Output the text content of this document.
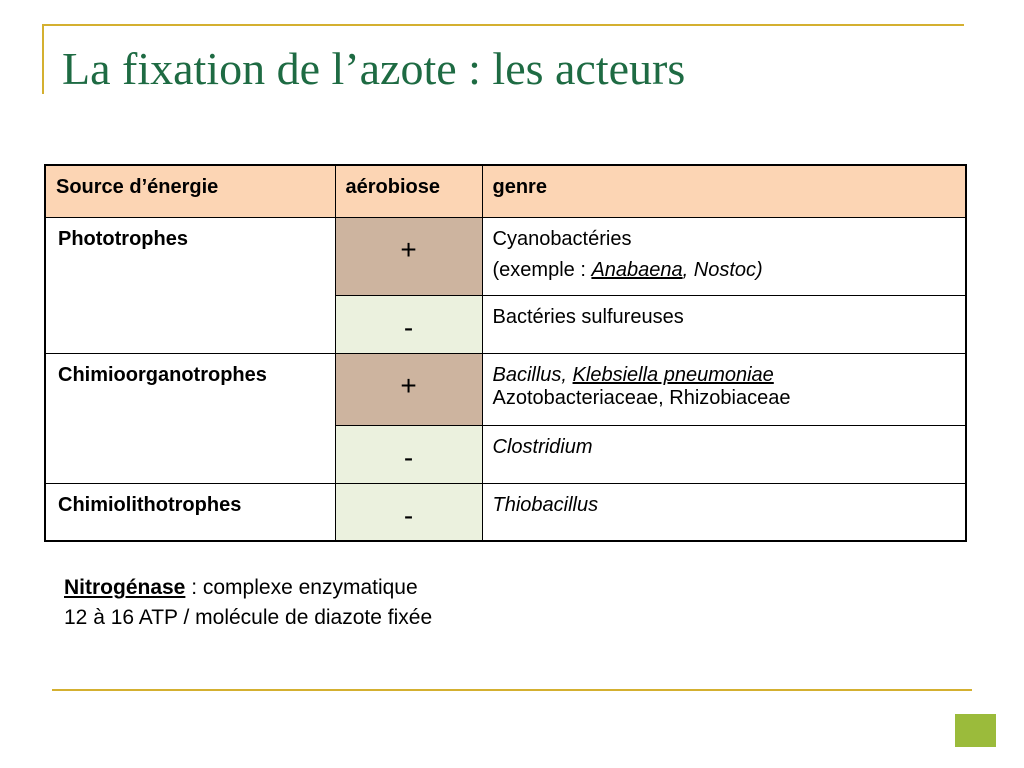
La fixation de l’azote : les acteurs
Source d’énergie	aérobiose	genre
Phototrophes	+	Cyanobactéries
(exemple : Anabaena, Nostoc)

	-	Bactéries sulfureuses
Chimioorganotrophes	+	Bacillus, Klebsiella pneumoniae
Azotobacteriaceae, Rhizobiaceae

	-	Clostridium
Chimiolithotrophes	-	Thiobacillus
Nitrogénase : complexe enzymatique
12 à 16 ATP / molécule de diazote fixée
